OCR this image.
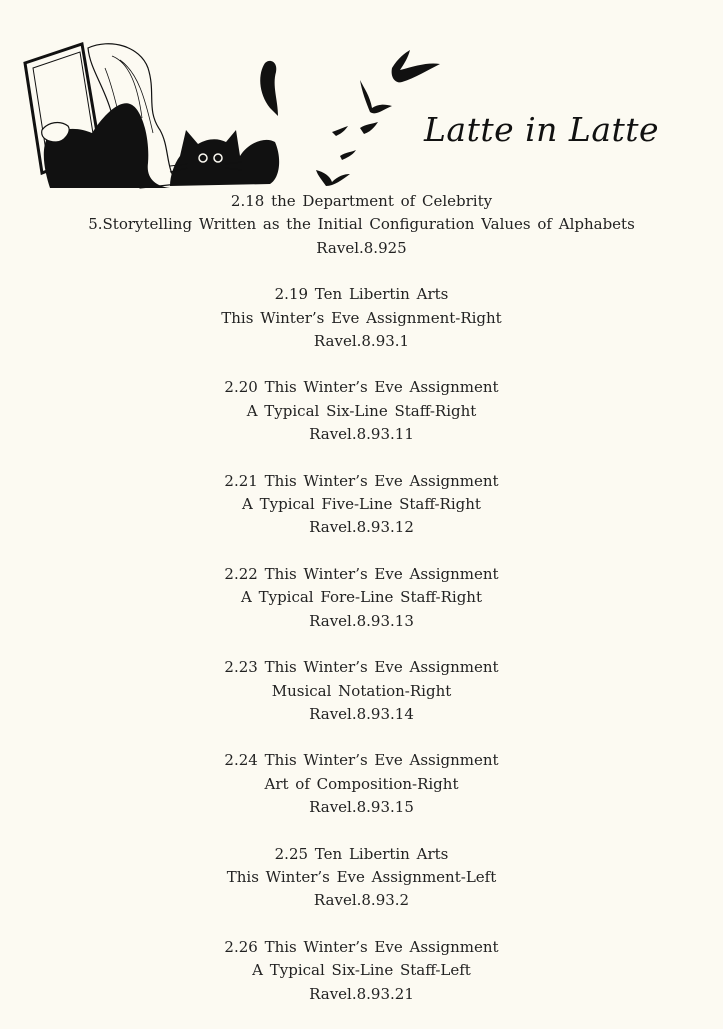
Latte in Latte
2.18 the Department of Celebrity
5.Storytelling Written as the Initial Configuration Values of Alphabets
Ravel.8.925
2.19 Ten Libertin Arts
This Winter’s Eve Assignment-Right
Ravel.8.93.1
2.20 This Winter’s Eve Assignment
A Typical Six-Line Staff-Right
Ravel.8.93.11
2.21 This Winter’s Eve Assignment
A Typical Five-Line Staff-Right
Ravel.8.93.12
2.22 This Winter’s Eve Assignment
A Typical Fore-Line Staff-Right
Ravel.8.93.13
2.23 This Winter’s Eve Assignment
Musical Notation-Right
Ravel.8.93.14
2.24 This Winter’s Eve Assignment
Art of Composition-Right
Ravel.8.93.15
2.25 Ten Libertin Arts
This Winter’s Eve Assignment-Left
Ravel.8.93.2
2.26 This Winter’s Eve Assignment
A Typical Six-Line Staff-Left
Ravel.8.93.21
